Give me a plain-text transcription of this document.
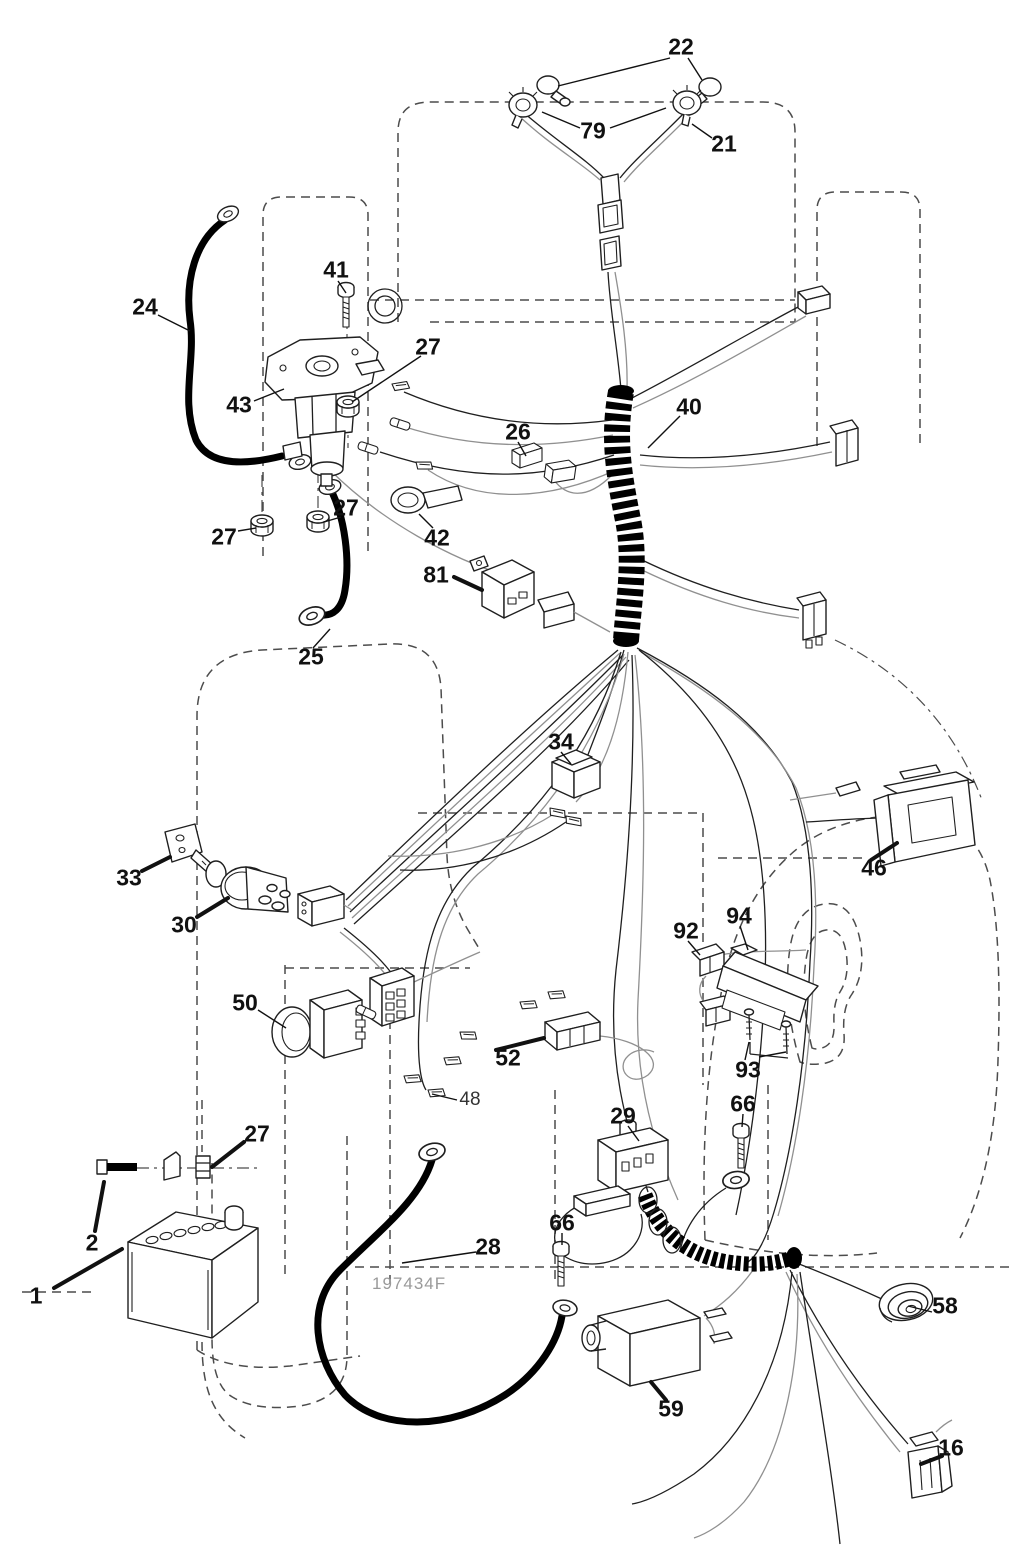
22
79	21
41
24
27
43
26
40
27
27
42
81
25
34
46
33
30	92
94
50
52	93
48
29	66
27
2	28
66
1	58
59
16
197434F
